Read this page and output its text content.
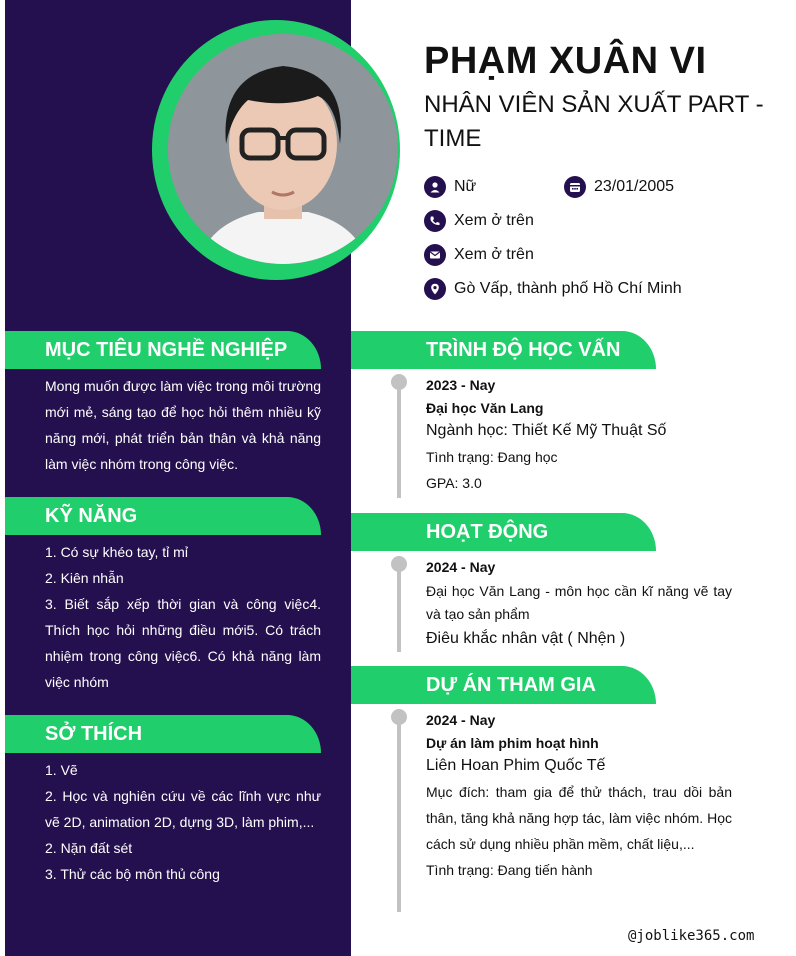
PHẠM XUÂN VI
NHÂN VIÊN SẢN XUẤT PART - TIME
Nữ	23/01/2005
Xem ở trên
Xem ở trên
Gò Vấp, thành phố Hồ Chí Minh
MỤC TIÊU NGHỀ NGHIỆP

Mong muốn được làm việc trong môi trường mới mẻ, sáng tạo để học hỏi thêm nhiều kỹ năng mới, phát triển bản thân và khả năng làm việc nhóm trong công việc.

KỸ NĂNG
1. Có sự khéo tay, tỉ mỉ
2. Kiên nhẫn
3. Biết sắp xếp thời gian và công việc4. Thích học hỏi những điều mới5. Có trách nhiệm trong công việc6. Có khả năng làm việc nhóm
SỞ THÍCH
1. Vẽ
2. Học và nghiên cứu về các lĩnh vực như vẽ 2D, animation 2D, dựng 3D, làm phim,...
2. Nặn đất sét
3. Thử các bộ môn thủ công
TRÌNH ĐỘ HỌC VẤN
2023 - Nay
Đại học Văn Lang
Ngành học: Thiết Kế Mỹ Thuật Số
Tình trạng: Đang học
GPA: 3.0
HOẠT ĐỘNG
2024 - Nay
Đại học Văn Lang - môn học cần kĩ năng vẽ tay và tạo sản phẩm
Điêu khắc nhân vật ( Nhện )
DỰ ÁN THAM GIA
2024 - Nay
Dự án làm phim hoạt hình
Liên Hoan Phim Quốc Tế
Mục đích: tham gia để thử thách, trau dồi bản thân, tăng khả năng hợp tác, làm việc nhóm. Học cách sử dụng nhiều phần mềm, chất liệu,...
Tình trạng: Đang tiến hành
@joblike365.com
